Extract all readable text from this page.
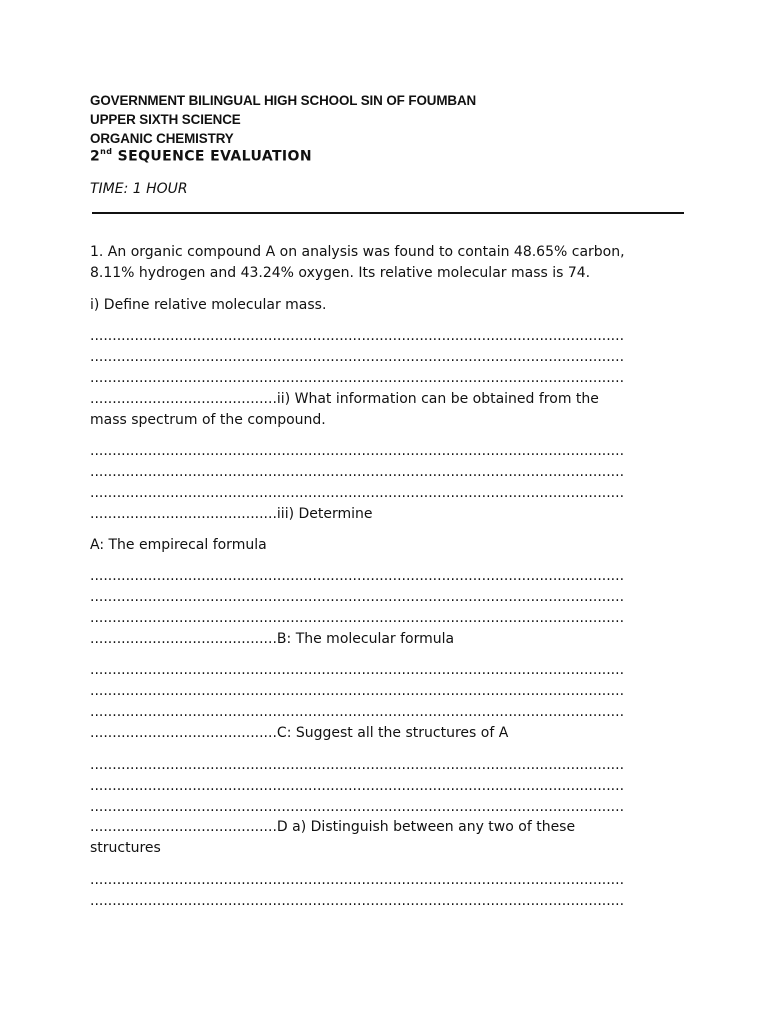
GOVERNMENT BILINGUAL HIGH SCHOOL SIN OF FOUMBAN
UPPER SIXTH SCIENCE
ORGANIC CHEMISTRY
2nd SEQUENCE EVALUATION
TIME: 1 HOUR
1. An organic compound A on analysis was found to contain 48.65% carbon,
8.11% hydrogen and 43.24% oxygen. Its relative molecular mass is 74.
i) Define relative molecular mass.
........................................................................................................................
........................................................................................................................
........................................................................................................................
..........................................ii) What information can be obtained from the
mass spectrum of the compound.
........................................................................................................................
........................................................................................................................
........................................................................................................................
..........................................iii) Determine
A: The empirecal formula
........................................................................................................................
........................................................................................................................
........................................................................................................................
..........................................B: The molecular formula
........................................................................................................................
........................................................................................................................
........................................................................................................................
..........................................C: Suggest all the structures of A
........................................................................................................................
........................................................................................................................
........................................................................................................................
..........................................D a) Distinguish between any two of these
structures
........................................................................................................................
........................................................................................................................
